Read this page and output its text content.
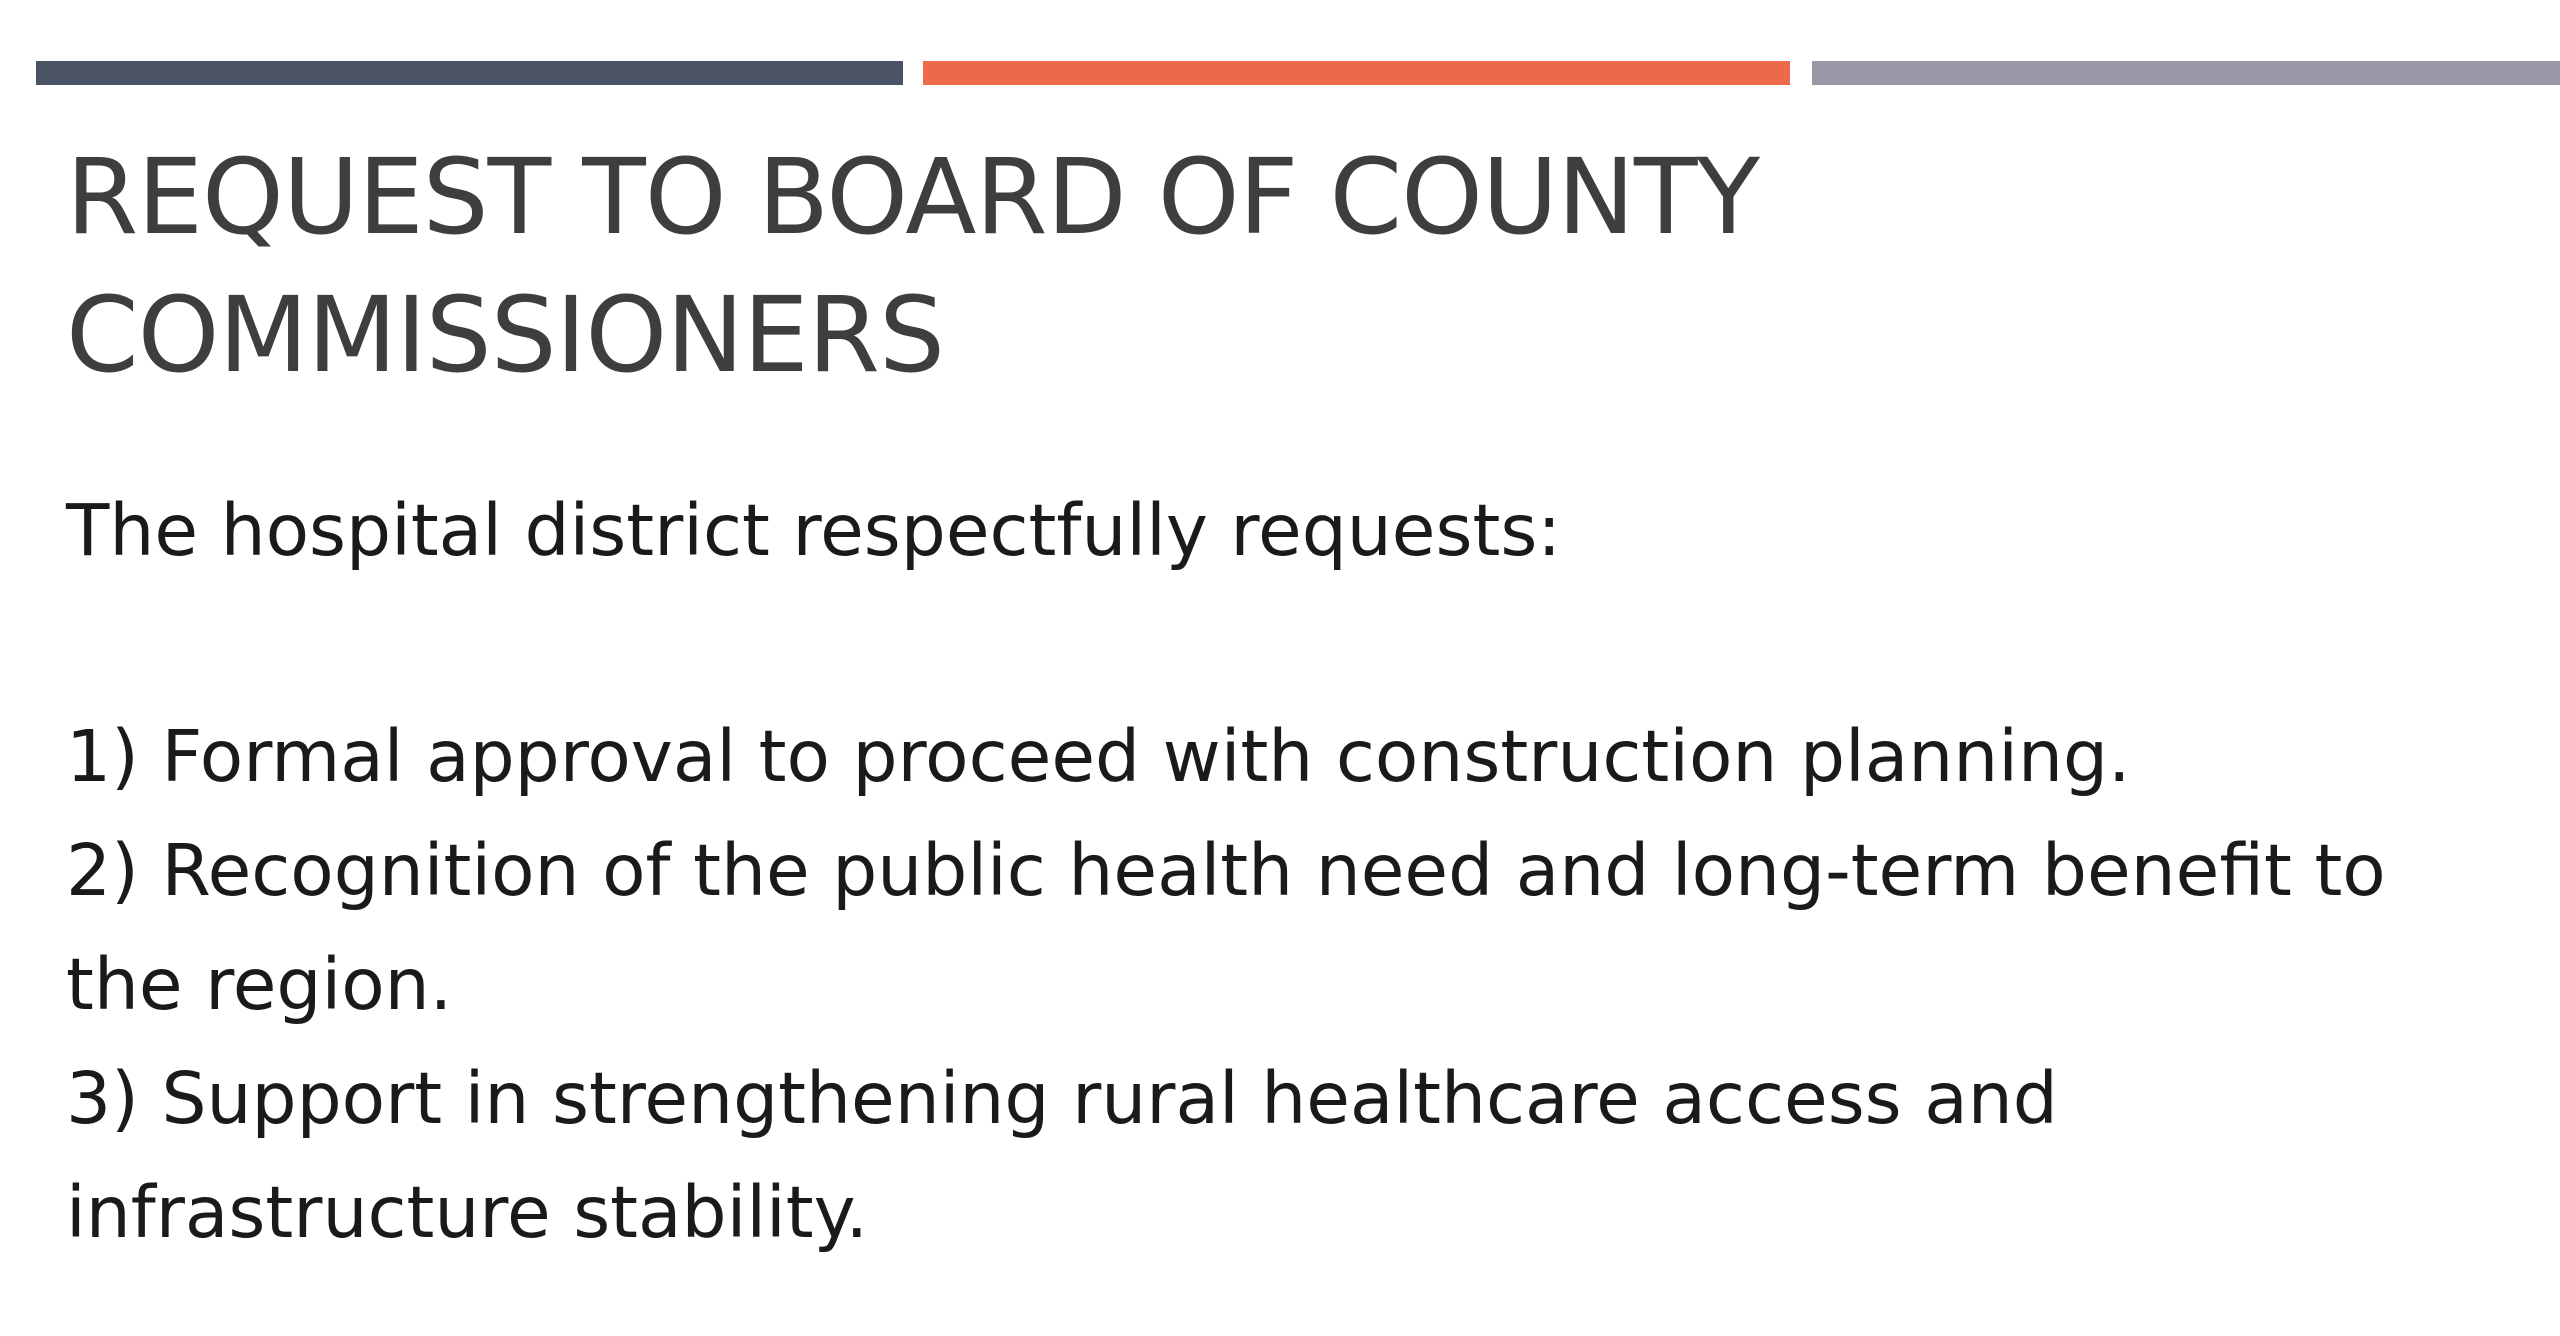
REQUEST TO BOARD OF COUNTY
COMMISSIONERS

The hospital district respectfully requests:

1) Formal approval to proceed with construction planning.
2) Recognition of the public health need and long-term benefit to the region.
3) Support in strengthening rural healthcare access and infrastructure stability.
